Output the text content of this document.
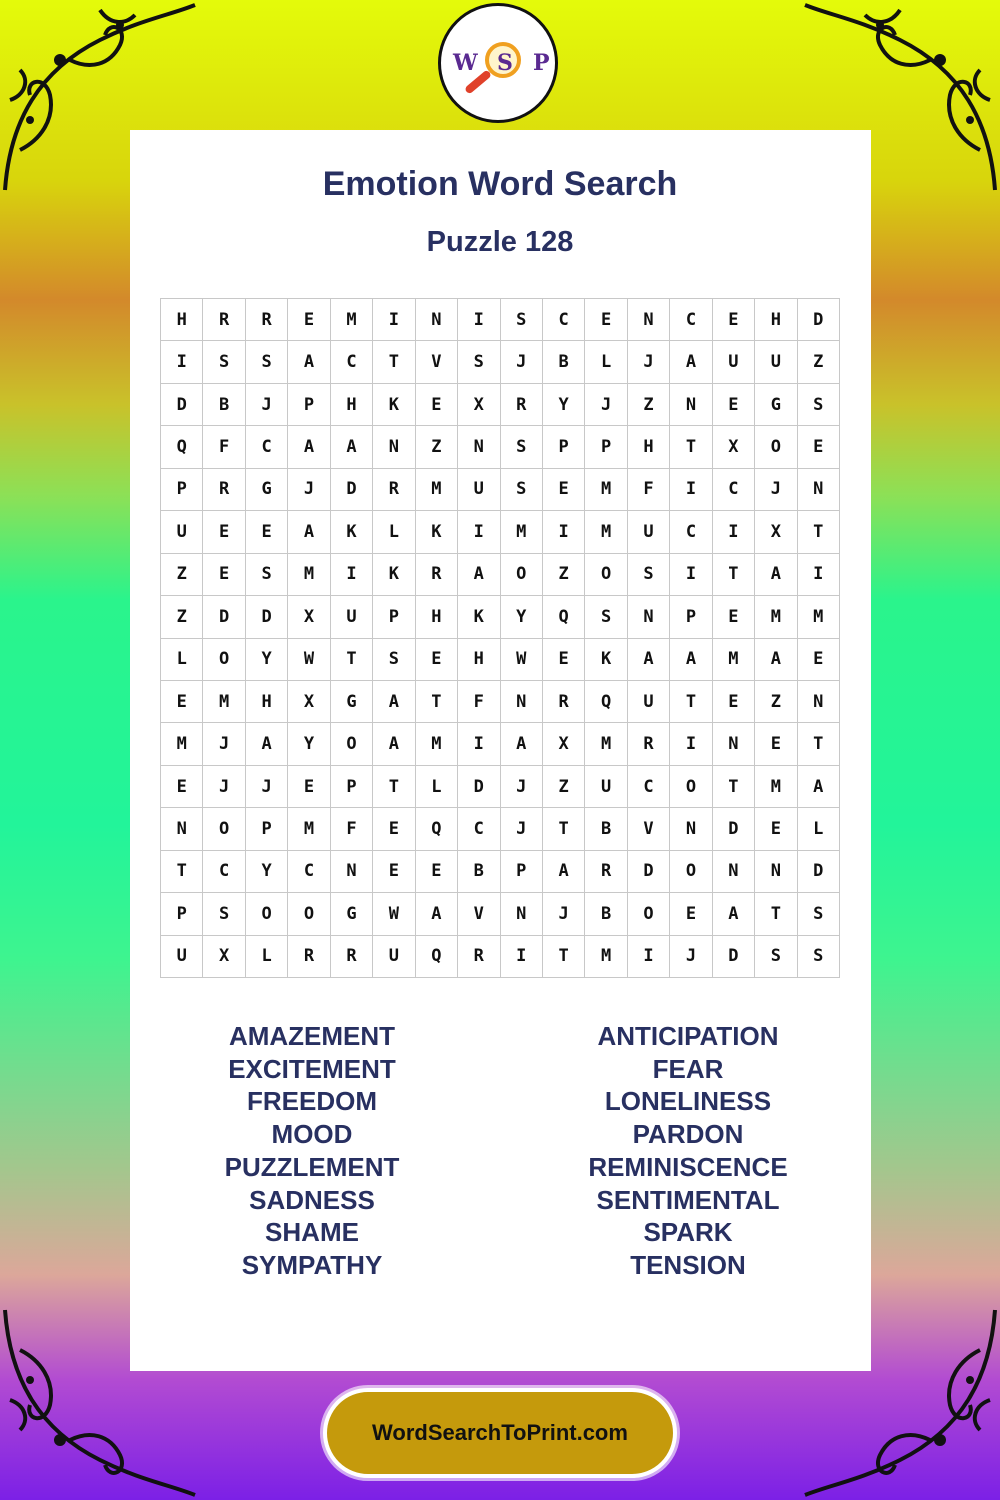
W S P
Emotion Word Search
Puzzle 128
H	R	R	E	M	I	N	I	S	C	E	N	C	E	H	D
I	S	S	A	C	T	V	S	J	B	L	J	A	U	U	Z
D	B	J	P	H	K	E	X	R	Y	J	Z	N	E	G	S
Q	F	C	A	A	N	Z	N	S	P	P	H	T	X	O	E
P	R	G	J	D	R	M	U	S	E	M	F	I	C	J	N
U	E	E	A	K	L	K	I	M	I	M	U	C	I	X	T
Z	E	S	M	I	K	R	A	O	Z	O	S	I	T	A	I
Z	D	D	X	U	P	H	K	Y	Q	S	N	P	E	M	M
L	O	Y	W	T	S	E	H	W	E	K	A	A	M	A	E
E	M	H	X	G	A	T	F	N	R	Q	U	T	E	Z	N
M	J	A	Y	O	A	M	I	A	X	M	R	I	N	E	T
E	J	J	E	P	T	L	D	J	Z	U	C	O	T	M	A
N	O	P	M	F	E	Q	C	J	T	B	V	N	D	E	L
T	C	Y	C	N	E	E	B	P	A	R	D	O	N	N	D
P	S	O	O	G	W	A	V	N	J	B	O	E	A	T	S
U	X	L	R	R	U	Q	R	I	T	M	I	J	D	S	S
AMAZEMENT
EXCITEMENT
FREEDOM
MOOD
PUZZLEMENT
SADNESS
SHAME
SYMPATHY
ANTICIPATION
FEAR
LONELINESS
PARDON
REMINISCENCE
SENTIMENTAL
SPARK
TENSION
WordSearchToPrint.com
